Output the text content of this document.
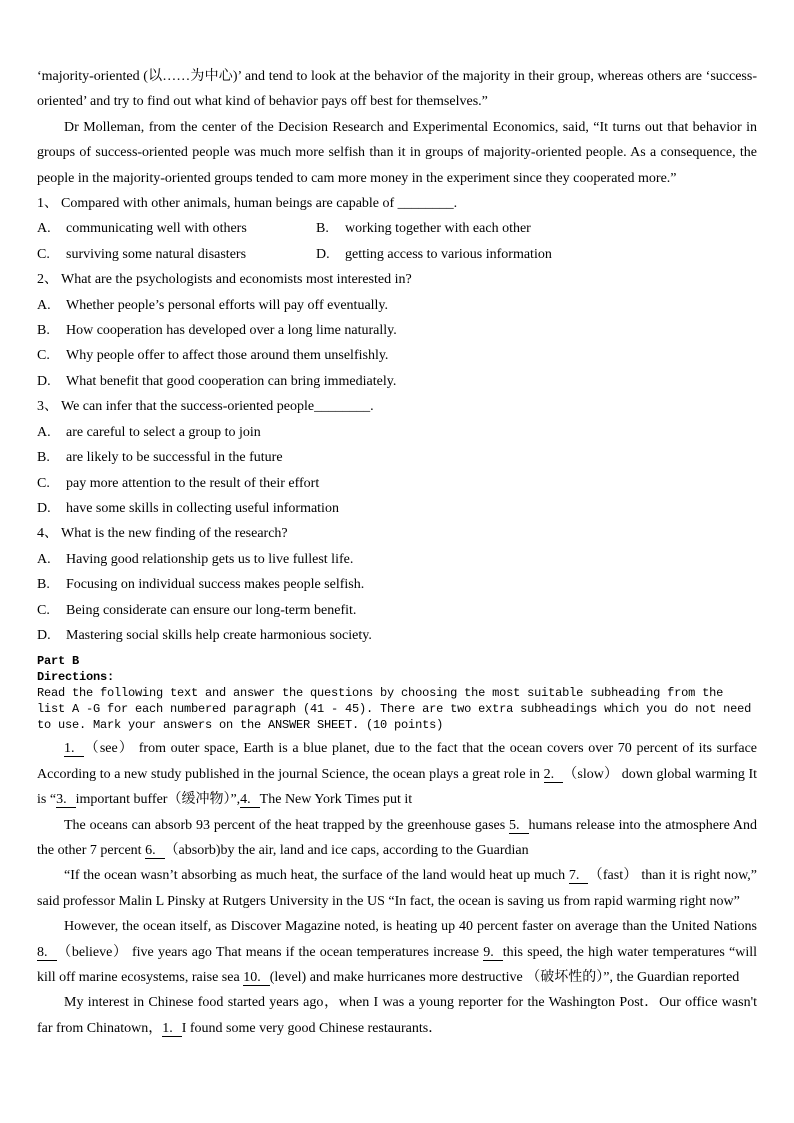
‘majority-oriented (以……为中心)’ and tend to look at the behavior of the majority in their group, whereas others are ‘success-oriented’ and try to find out what kind of behavior pays off best for themselves.”

Dr Molleman, from the center of the Decision Research and Experimental Economics, said, “It turns out that behavior in groups of success-oriented people was much more selfish than it in groups of majority-oriented people. As a consequence, the people in the majority-oriented groups tended to cam more money in the experiment since they cooperated more.”

1、 Compared with other animals, human beings are capable of ________.

A. communicating well with others	B. working together with each other

C. surviving some natural disasters	D. getting access to various information

2、 What are the psychologists and economists most interested in?

A. Whether people’s personal efforts will pay off eventually.

B. How cooperation has developed over a long lime naturally.

C. Why people offer to affect those around them unselfishly.

D. What benefit that good cooperation can bring immediately.

3、 We can infer that the success-oriented people________.

A. are careful to select a group to join

B. are likely to be successful in the future

C. pay more attention to the result of their effort

D. have some skills in collecting useful information

4、 What is the new finding of the research?

A. Having good relationship gets us to live fullest life.

B. Focusing on individual success makes people selfish.

C. Being considerate can ensure our long-term benefit.

D. Mastering social skills help create harmonious society.

Part B
Directions:
Read the following text and answer the questions by choosing the most suitable subheading from the
list A -G for each numbered paragraph (41 - 45). There are two extra subheadings which you do not need
to use. Mark your answers on the ANSWER SHEET. (10 points)

1. （see） from outer space, Earth is a blue planet, due to the fact that the ocean covers over 70 percent of its surface According to a new study published in the journal Science, the ocean plays a great role in 2. （slow） down global warming It is “3. important buffer（缓冲物）”,4. The New York Times put it

The oceans can absorb 93 percent of the heat trapped by the greenhouse gases 5. humans release into the atmosphere And the other 7 percent 6. （absorb)by the air, land and ice caps, according to the Guardian

“If the ocean wasn’t absorbing as much heat, the surface of the land would heat up much 7. （fast） than it is right now,” said professor Malin L Pinsky at Rutgers University in the US “In fact, the ocean is saving us from rapid warming right now”

However, the ocean itself, as Discover Magazine noted, is heating up 40 percent faster on average than the United Nations 8. （believe） five years ago That means if the ocean temperatures increase 9. this speed, the high water temperatures “will kill off marine ecosystems, raise sea 10. (level) and make hurricanes more destructive （破坏性的）”, the Guardian reported

My interest in Chinese food started years ago，when I was a young reporter for the Washington Post．Our office wasn't far from Chinatown，1. I found some very good Chinese restaurants．
